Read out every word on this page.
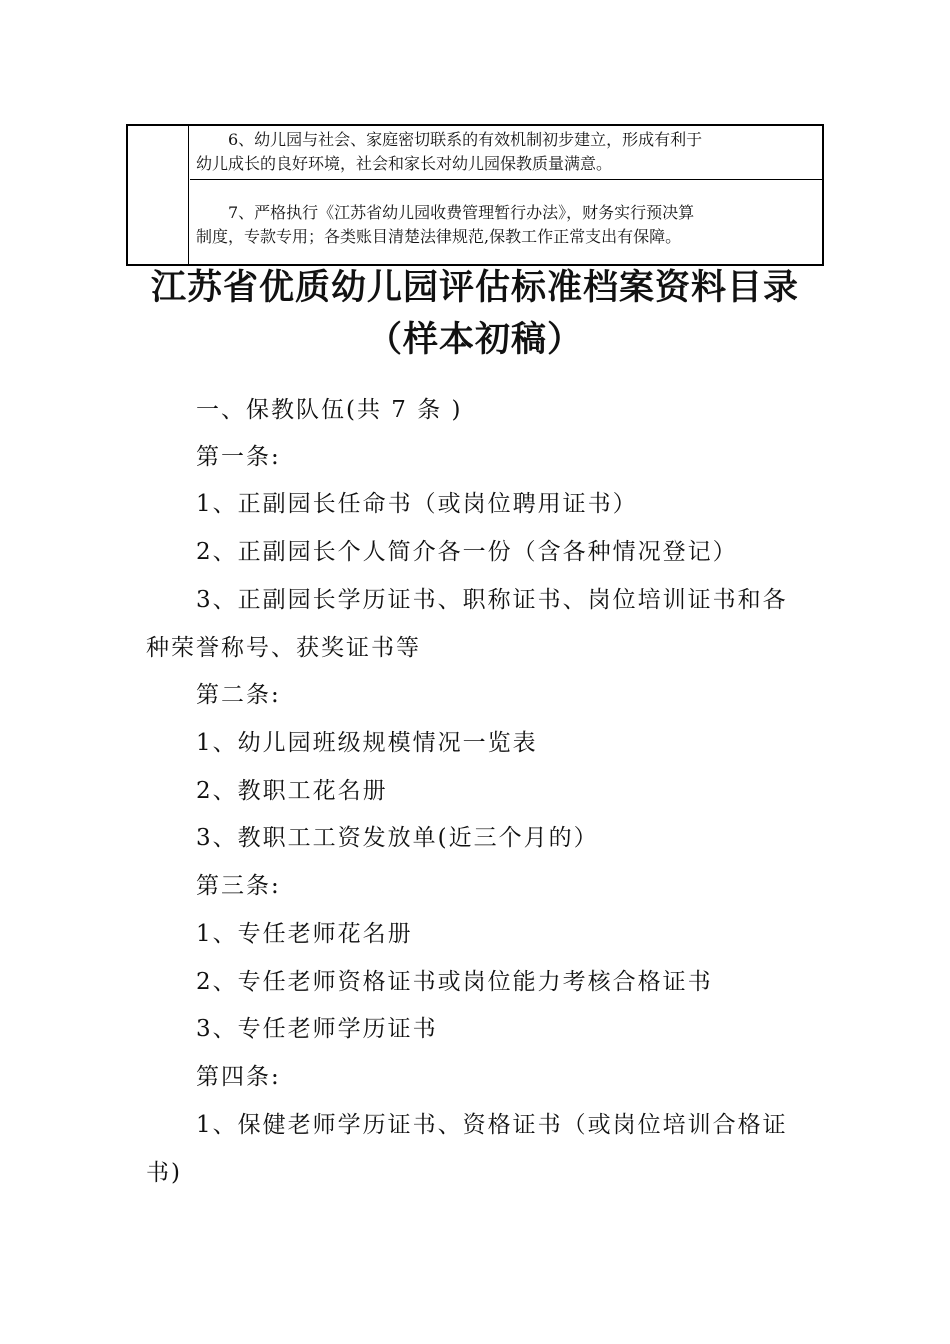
6、幼儿园与社会、家庭密切联系的有效机制初步建立，形成有利于

幼儿成长的良好环境，社会和家长对幼儿园保教质量满意。

7、严格执行《江苏省幼儿园收费管理暂行办法》，财务实行预决算

制度，专款专用；各类账目清楚法律规范,保教工作正常支出有保障。

江苏省优质幼儿园评估标准档案资料目录
（样本初稿）
一、保教队伍(共 7 条 )
第一条:
1、正副园长任命书（或岗位聘用证书）
2、正副园长个人简介各一份（含各种情况登记）
3、正副园长学历证书、职称证书、岗位培训证书和各
种荣誉称号、获奖证书等
第二条:
1、幼儿园班级规模情况一览表
2、教职工花名册
3、教职工工资发放单(近三个月的）
第三条:
1、专任老师花名册
2、专任老师资格证书或岗位能力考核合格证书
3、专任老师学历证书
第四条:
1、保健老师学历证书、资格证书（或岗位培训合格证
书)
